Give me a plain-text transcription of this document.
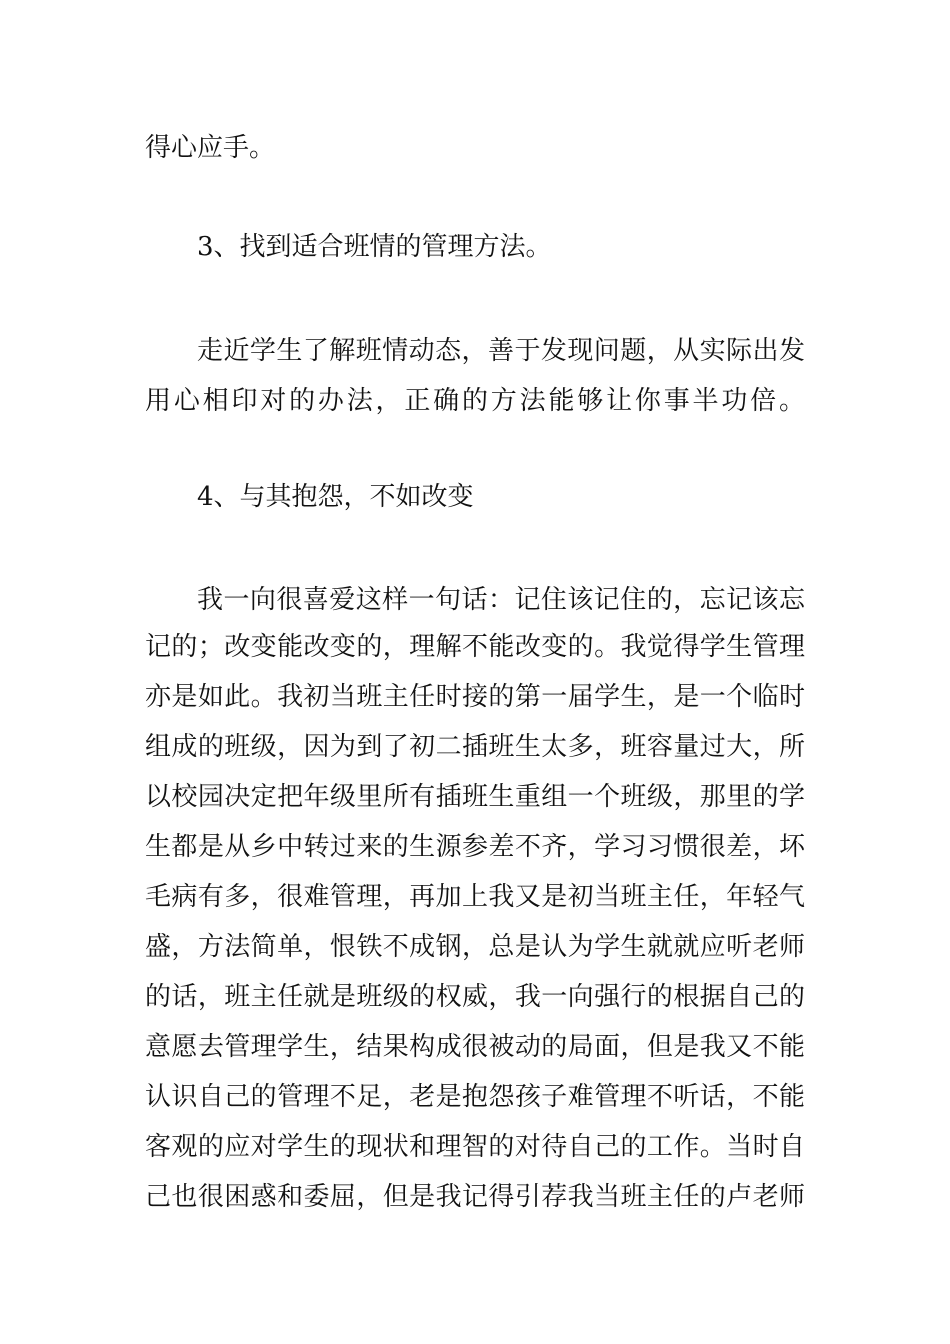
得心应手。
3、找到适合班情的管理方法。
走近学生了解班情动态，善于发现问题，从实际出发
用心相印对的办法，正确的方法能够让你事半功倍。
4、与其抱怨，不如改变
我一向很喜爱这样一句话：记住该记住的，忘记该忘
记的；改变能改变的，理解不能改变的。我觉得学生管理
亦是如此。我初当班主任时接的第一届学生，是一个临时
组成的班级，因为到了初二插班生太多，班容量过大，所
以校园决定把年级里所有插班生重组一个班级，那里的学
生都是从乡中转过来的生源参差不齐，学习习惯很差，坏
毛病有多，很难管理，再加上我又是初当班主任，年轻气
盛，方法简单，恨铁不成钢，总是认为学生就就应听老师
的话，班主任就是班级的权威，我一向强行的根据自己的
意愿去管理学生，结果构成很被动的局面，但是我又不能
认识自己的管理不足，老是抱怨孩子难管理不听话，不能
客观的应对学生的现状和理智的对待自己的工作。当时自
己也很困惑和委屈，但是我记得引荐我当班主任的卢老师
